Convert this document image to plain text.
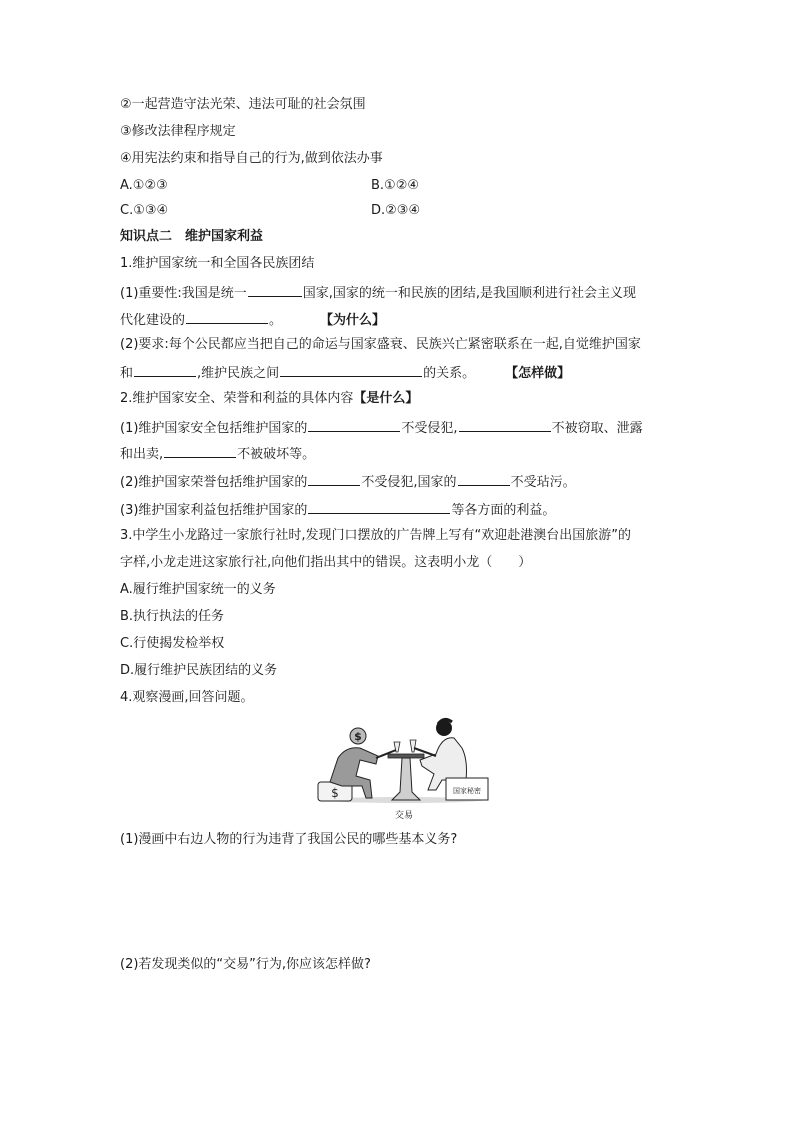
②一起营造守法光荣、违法可耻的社会氛围
③修改法律程序规定
④用宪法约束和指导自己的行为,做到依法办事
A.①②③	B.①②④
C.①③④	D.②③④
知识点二　维护国家利益
1.维护国家统一和全国各民族团结
(1)重要性:我国是统一	国家,国家的统一和民族的团结,是我国顺利进行社会主义现
代化建设的	。	【为什么】
(2)要求:每个公民都应当把自己的命运与国家盛衰、民族兴亡紧密联系在一起,自觉维护国家
和	,维护民族之间	的关系。 【怎样做】
2.维护国家安全、荣誉和利益的具体内容【是什么】
(1)维护国家安全包括维护国家的	不受侵犯,	不被窃取、泄露
和出卖,	不被破坏等。
(2)维护国家荣誉包括维护国家的	不受侵犯,国家的	不受玷污。
(3)维护国家利益包括维护国家的	等各方面的利益。
3.中学生小龙路过一家旅行社时,发现门口摆放的广告牌上写有“欢迎赴港澳台出国旅游”的
字样,小龙走进这家旅行社,向他们指出其中的错误。这表明小龙（　　）
A.履行维护国家统一的义务
B.执行执法的任务
C.行使揭发检举权
D.履行维护民族团结的义务
4.观察漫画,回答问题。
$
$
国家秘密
交易
(1)漫画中右边人物的行为违背了我国公民的哪些基本义务?
(2)若发现类似的“交易”行为,你应该怎样做?
